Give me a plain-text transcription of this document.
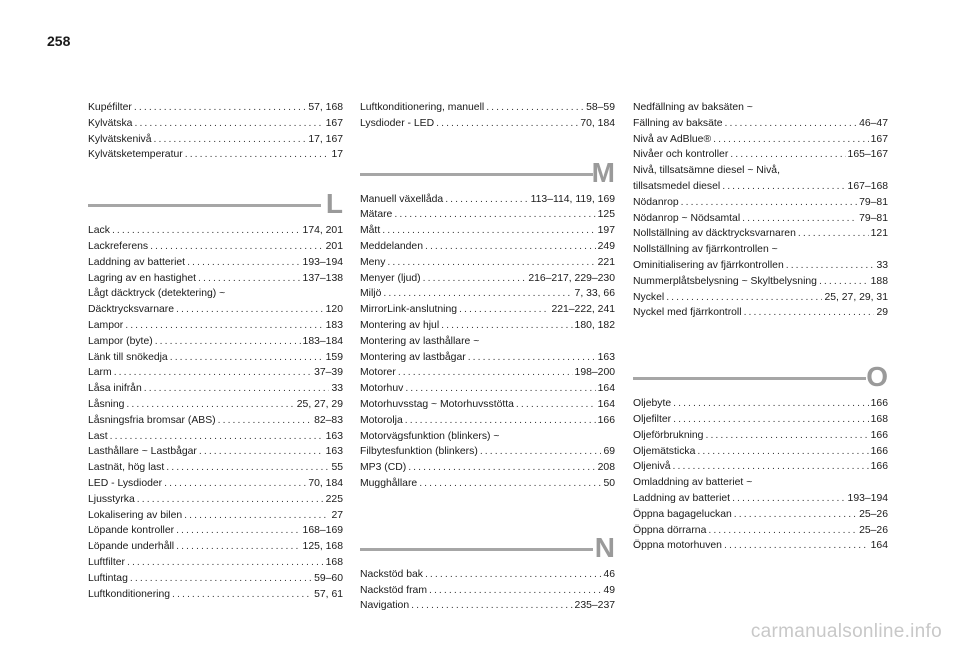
258
Kupéfilter . . .	57, 168
Kylvätska . . .	167
Kylvätskenivå . . .	17, 167
Kylvätsketemperatur . . .	17
L
Lack . . .	174, 201
Lackreferens . . .	201
Laddning av batteriet . . .	193–194
Lagring av en hastighet . . .	137–138
Lågt däcktryck (detektering) ~
Däcktrycksvarnare . . .	120
Lampor . . .	183
Lampor (byte) . . .	183–184
Länk till snökedja . . .	159
Larm . . .	37–39
Låsa inifrån . . .	33
Låsning . . .	25, 27, 29
Låsningsfria bromsar (ABS) . . .	82–83
Last . . .	163
Lasthållare ~ Lastbågar . . .	163
Lastnät, hög last . . .	55
LED - Lysdioder . . .	70, 184
Ljusstyrka . . .	225
Lokalisering av bilen . . .	27
Löpande kontroller . . .	168–169
Löpande underhåll . . .	125, 168
Luftfilter . . .	168
Luftintag . . .	59–60
Luftkonditionering . . .	57, 61
Luftkonditionering, manuell . . .	58–59
Lysdioder - LED . . .	70, 184
M
Manuell växellåda . . .	113–114, 119, 169
Mätare . . .	125
Mått . . .	197
Meddelanden . . .	249
Meny . . .	221
Menyer (ljud) . . .	216–217, 229–230
Miljö . . .	7, 33, 66
MirrorLink-anslutning . . .	221–222, 241
Montering av hjul . . .	180, 182
Montering av lasthållare ~
Montering av lastbågar . . .	163
Motorer . . .	198–200
Motorhuv . . .	164
Motorhuvsstag ~ Motorhuvsstötta . . .	164
Motorolja . . .	166
Motorvägsfunktion (blinkers) ~
Filbytesfunktion (blinkers) . . .	69
MP3 (CD) . . .	208
Mugghållare . . .	50
N
Nackstöd bak . . .	46
Nackstöd fram . . .	49
Navigation . . .	235–237
Nedfällning av baksäten ~
Fällning av baksäte . . .	46–47
Nivå av AdBlue® . . .	167
Nivåer och kontroller . . .	165–167
Nivå, tillsatsämne diesel ~ Nivå,
tillsatsmedel diesel . . .	167–168
Nödanrop . . .	79–81
Nödanrop ~ Nödsamtal . . .	79–81
Nollställning av däcktrycksvarnaren . . .	121
Nollställning av fjärrkontrollen ~
Ominitialisering av fjärrkontrollen . . .	33
Nummerplåtsbelysning ~ Skyltbelysning . . .	188
Nyckel . . .	25, 27, 29, 31
Nyckel med fjärrkontroll . . .	29
O
Oljebyte . . .	166
Oljefilter . . .	168
Oljeförbrukning . . .	166
Oljemätsticka . . .	166
Oljenivå . . .	166
Omladdning av batteriet ~
Laddning av batteriet . . .	193–194
Öppna bagageluckan . . .	25–26
Öppna dörrarna . . .	25–26
Öppna motorhuven . . .	164
carmanualsonline.info
